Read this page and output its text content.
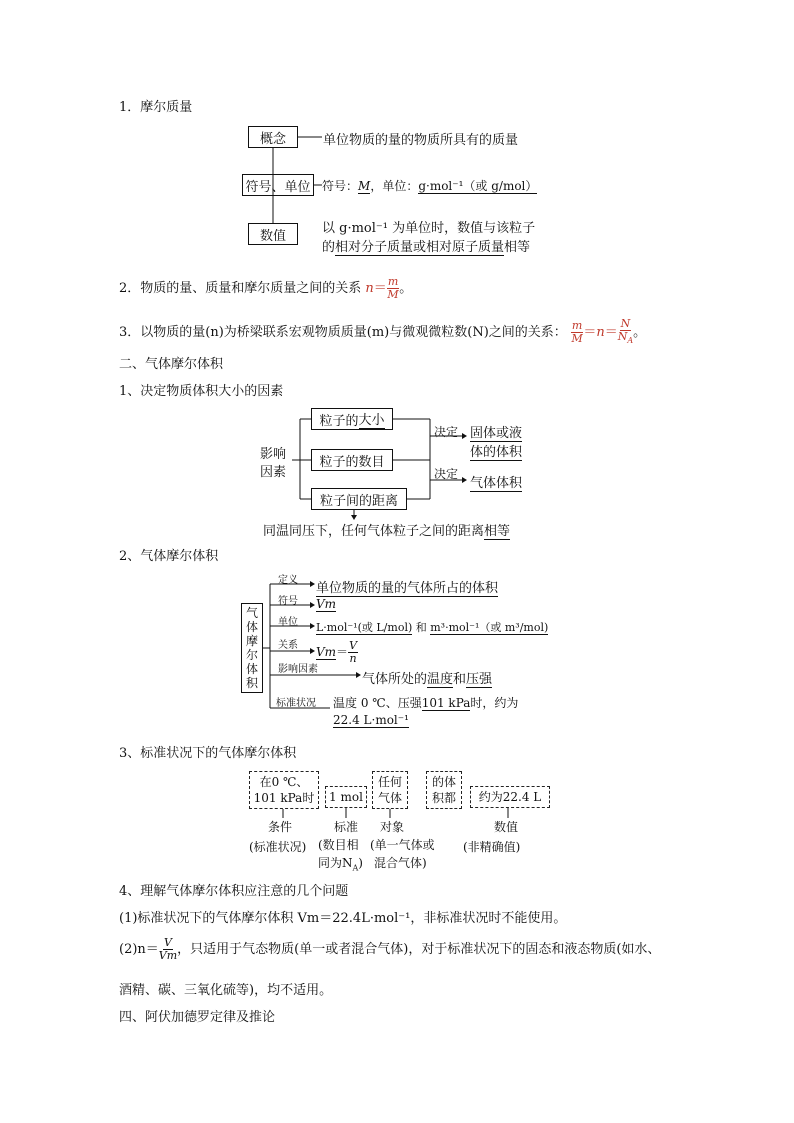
1．摩尔质量
概念
符号、单位
数值
单位物质的量的物质所具有的质量
符号：M，单位：g·mol⁻¹（或 g/mol）
以 g·mol⁻¹ 为单位时，数值与该粒子
的相对分子质量或相对原子质量相等
2．物质的量、质量和摩尔质量之间的关系 $n= \frac{m}{M}$ 。
3．以物质的量(n)为桥梁联系宏观物质质量(m)与微观微粒数(N)之间的关系： $\frac{m}{M} =n= \frac{N}{N_A}$ 。
二、气体摩尔体积
1、决定物质体积大小的因素
影响
因素
粒子的 大小
粒子的数目
粒子间的距离
决定 固体或液
体的体积
决定
气体体积
同温同压下，任何气体粒子之间的距离相等
2、气体摩尔体积
气
体
摩
尔
体
积
定义
单位物质的量的气体所占的体积
符号 Vm
单位 L·mol⁻¹(或 L/mol) 和 m³·mol⁻¹（或 m³/mol)
关系 $Vm= \frac{V}{n}$
影响因素
气体所处的温度和压强
标准状况 温度 0 ℃、压强101 kPa时，约为
22.4 L·mol⁻¹
3、标准状况下的气体摩尔体积
在0 ℃、
101 kPa时	1 mol
任何
气体
的体
积都	约为22.4 L
条件
(标准状况)
标准
(数目相
同为$N_A$)
对象
(单一气体或
混合气体)
数值
(非精确值)
4、理解气体摩尔体积应注意的几个问题
(1)标准状况下的气体摩尔体积 Vm＝22.4L·mol⁻¹，非标准状况时不能使用。
$(2)n= \frac{V}{Vm}$ ，只适用于气态物质(单一或者混合气体)，对于标准状况下的固态和液态物质(如水、
酒精、碳、三氧化硫等)，均不适用。
四、阿伏加德罗定律及推论
